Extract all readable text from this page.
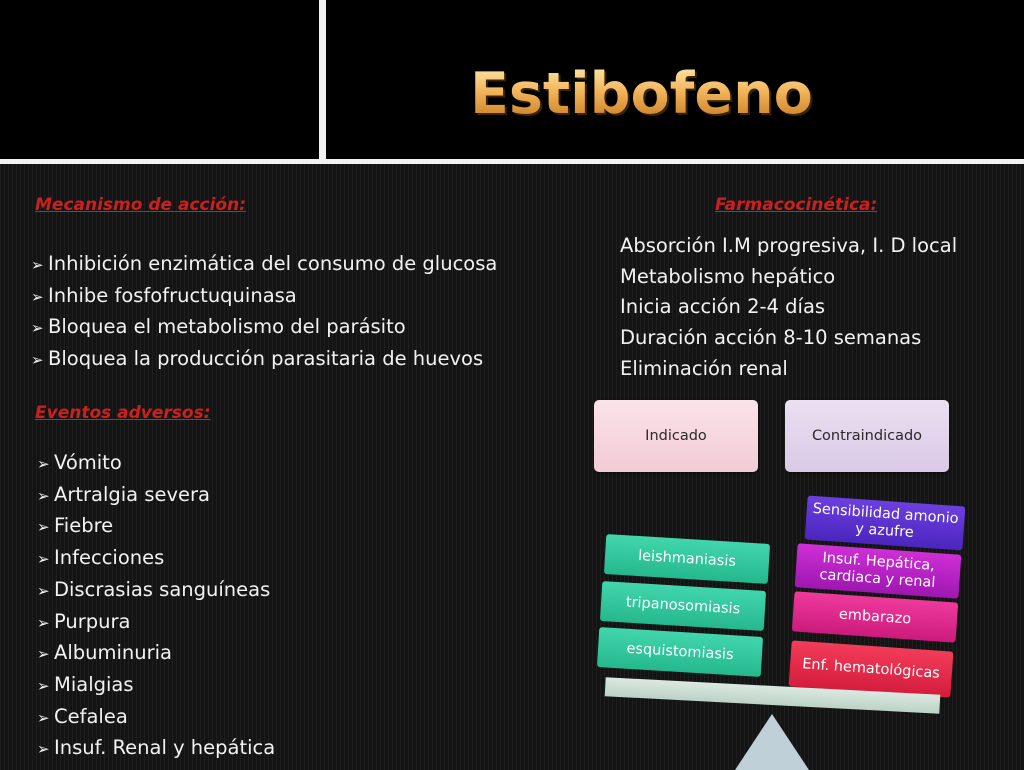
Estibofeno
Mecanismo de acción:
➢ Inhibición enzimática del consumo de glucosa
➢ Inhibe fosfofructuquinasa
➢ Bloquea el metabolismo del parásito
➢ Bloquea la producción parasitaria de huevos
Eventos adversos:
➢ Vómito
➢ Artralgia severa
➢ Fiebre
➢ Infecciones
➢ Discrasias sanguíneas
➢ Purpura
➢ Albuminuria
➢ Mialgias
➢ Cefalea
➢ Insuf. Renal y hepática
Farmacocinética:
Absorción I.M progresiva, I. D local
Metabolismo hepático
Inicia acción 2-4 días
Duración acción 8-10 semanas
Eliminación renal
Indicado	Contraindicado
leishmaniasis
tripanosomiasis
esquistomiasis
Sensibilidad amonio y azufre
Insuf. Hepática, cardiaca y renal
embarazo
Enf. hematológicas
